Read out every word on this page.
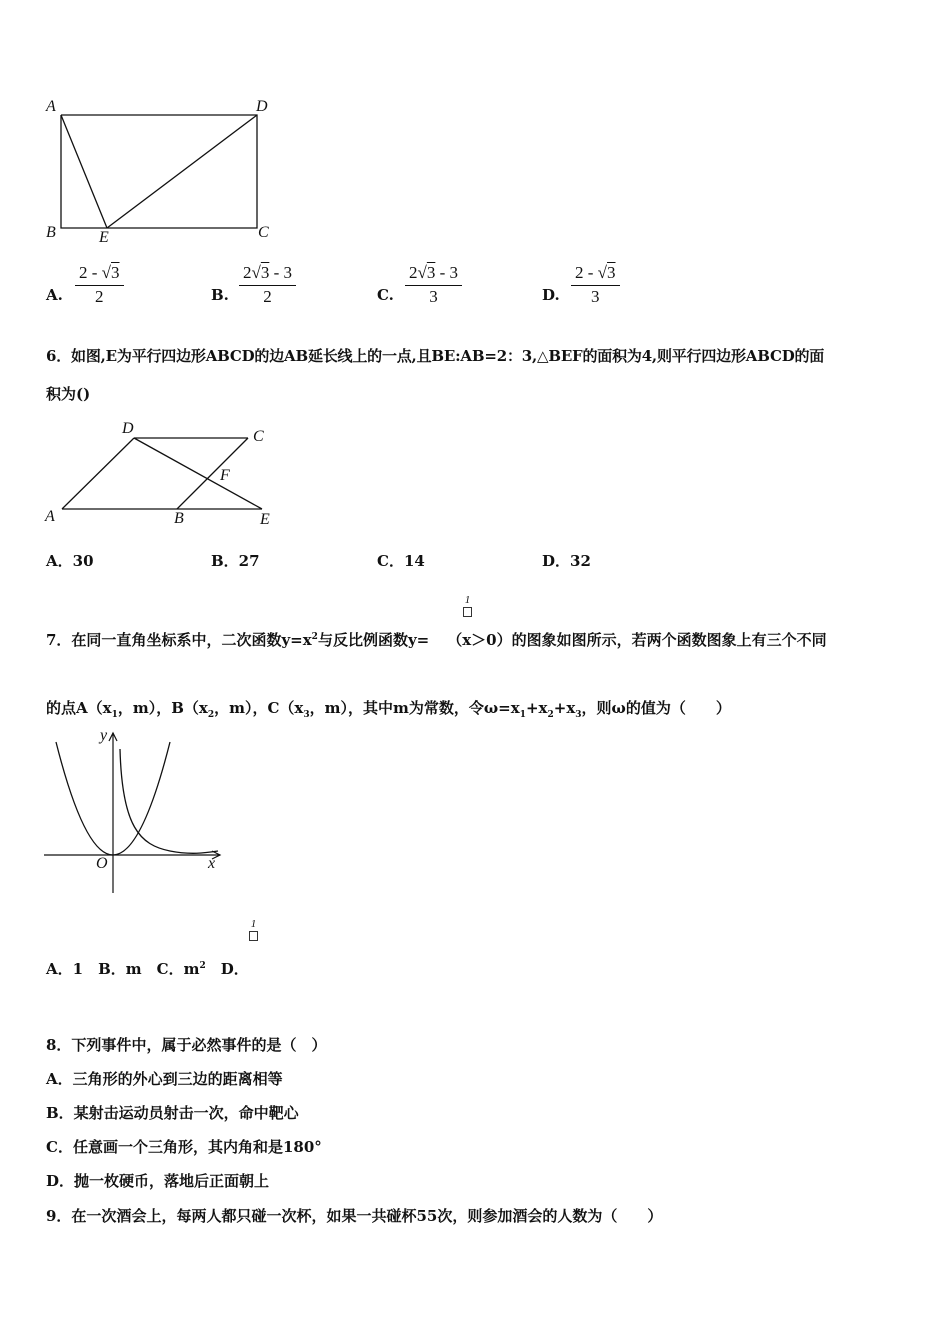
A	D
B	E	C
A. $\frac{2 - √3}{2}$	B. $\frac{2√3 - 3}{2}$	C. $\frac{2√3 - 3}{3}$	D. $\frac{2 - √3}{3}$
6．如图,E为平行四边形ABCD的边AB延长线上的一点,且BE:AB=2：3,△BEF的面积为4,则平行四边形ABCD的面
积为()
D	C
F
A	B	E
A．30	B．27	C．14	D．32
1
7．在同一直角坐标系中，二次函数$y=x^2$与反比例函数y= （x＞0）的图象如图所示，若两个函数图象上有三个不同
的点$A(x_1$，m），$B(x_2$，m），$C(x_3$，m），其中m为常数，令$\omega=x_1+x_2+x_3$，则ω的值为（　　）
y
O	x
1
A．1　B．m　C．$m^2$　D．
8．下列事件中，属于必然事件的是（　）
A．三角形的外心到三边的距离相等
B．某射击运动员射击一次，命中靶心
C．任意画一个三角形，其内角和是180°
D．抛一枚硬币，落地后正面朝上
9．在一次酒会上，每两人都只碰一次杯，如果一共碰杯55次，则参加酒会的人数为（　　）
